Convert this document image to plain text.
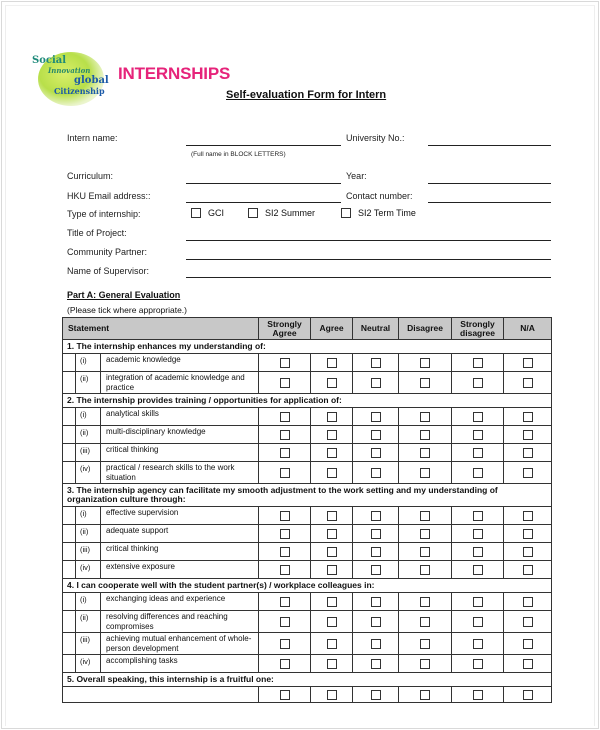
Social
Innovation
global
Citizenship
INTERNSHIPS
Self-evaluation Form for Intern
Intern name:
(Full name in BLOCK LETTERS)
University No.:
Curriculum:	Year:
HKU Email address::	Contact number:
Type of internship:	GCI	SI2 Summer	SI2 Term Time
Title of Project:
Community Partner:
Name of Supervisor:
Part A: General Evaluation
(Please tick where appropriate.)
Statement			Strongly Agree	Agree	Neutral	Disagree	Strongly disagree	N/A
1. The internship enhances my understanding of:								
	(i)	academic knowledge						
	(ii)	integration of academic knowledge and practice						
2. The internship provides training / opportunities for application of:								
	(i)	analytical skills						
	(ii)	multi-disciplinary knowledge						
	(iii)	critical thinking						
	(iv)	practical / research skills to the work situation						
3. The internship agency can facilitate my smooth adjustment to the work setting and my understanding of organization culture through:								
	(i)	effective supervision						
	(ii)	adequate support						
	(iii)	critical thinking						
	(iv)	extensive exposure						
4. I can cooperate well with the student partner(s) / workplace colleagues in:								
	(i)	exchanging ideas and experience						
	(ii)	resolving differences and reaching compromises						
	(iii)	achieving mutual enhancement of whole-person development						
	(iv)	accomplishing tasks						
5. Overall speaking, this internship is a fruitful one:								
